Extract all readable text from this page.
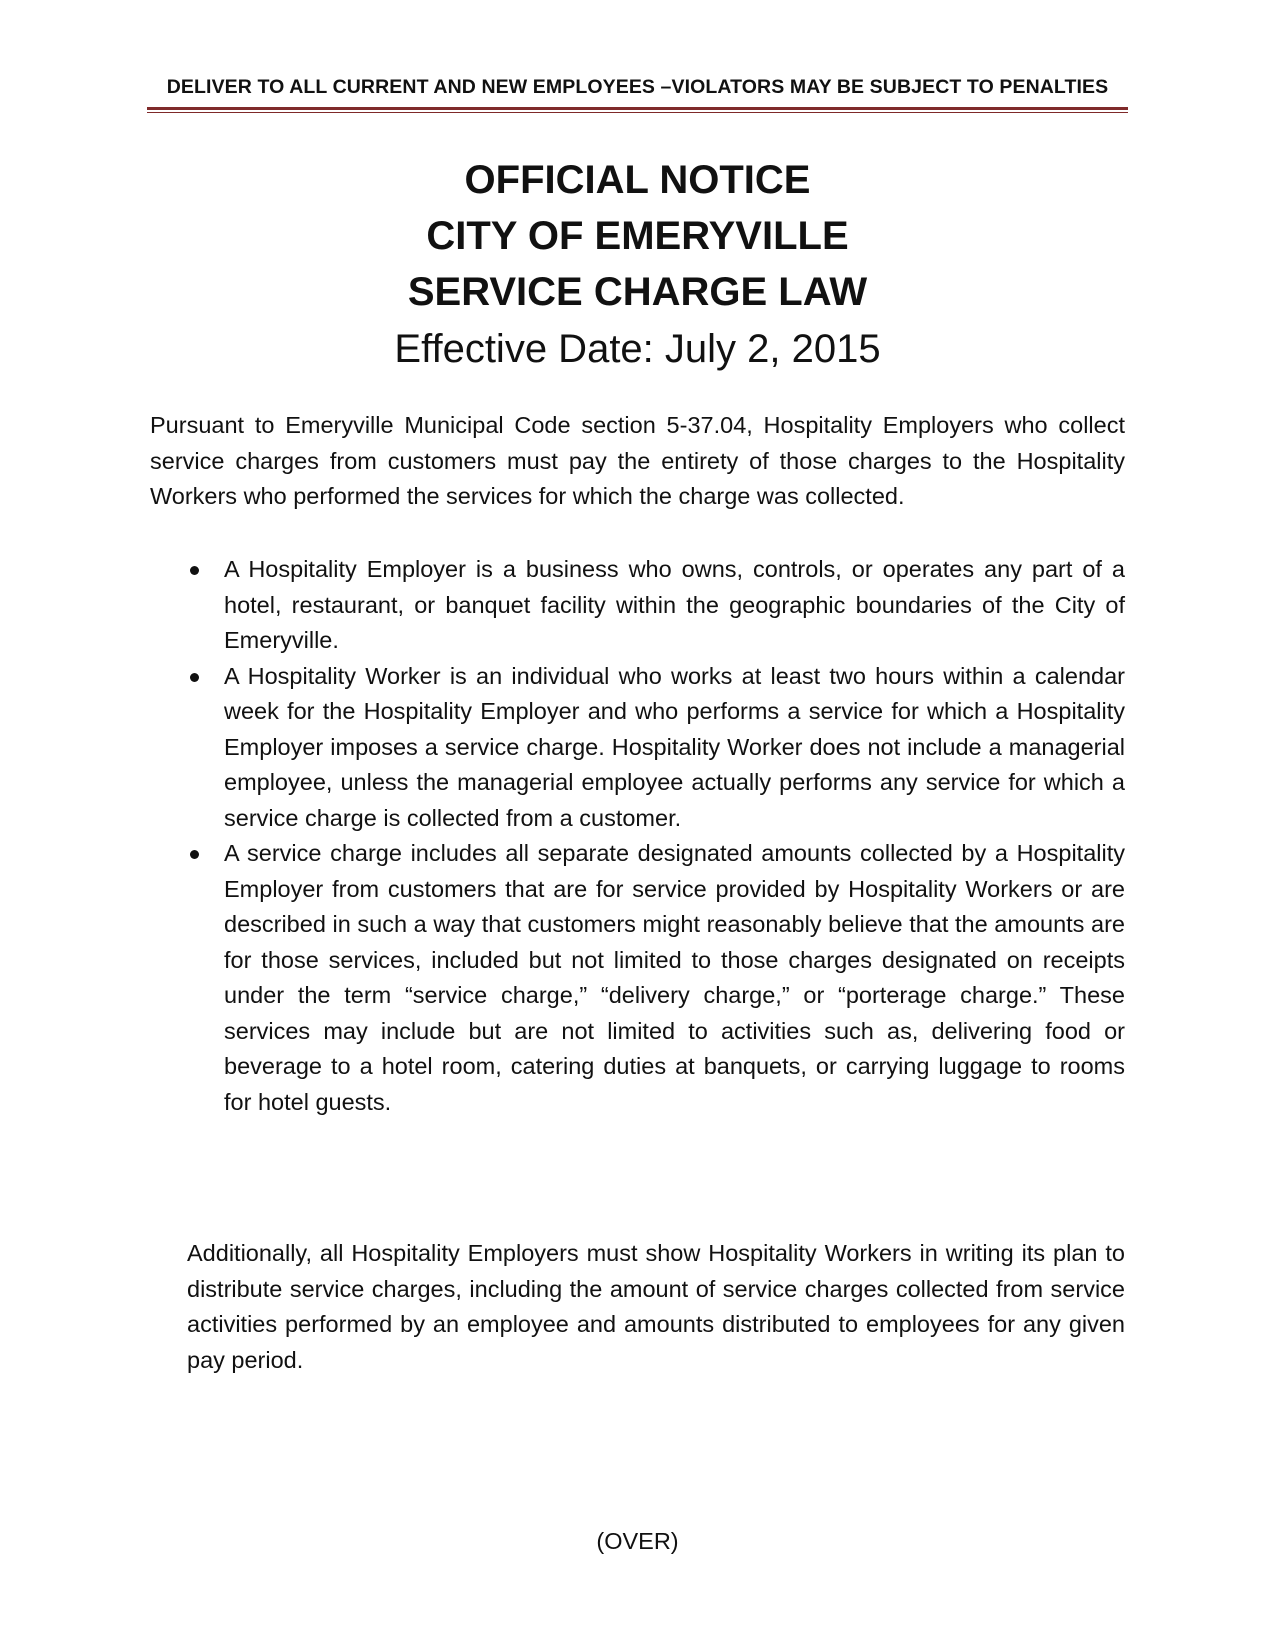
DELIVER TO ALL CURRENT AND NEW EMPLOYEES –VIOLATORS MAY BE SUBJECT TO PENALTIES
OFFICIAL NOTICE
CITY OF EMERYVILLE
SERVICE CHARGE LAW
Effective Date: July 2, 2015
Pursuant to Emeryville Municipal Code section 5-37.04, Hospitality Employers who collect service charges from customers must pay the entirety of those charges to the Hospitality Workers who performed the services for which the charge was collected.
A Hospitality Employer is a business who owns, controls, or operates any part of a hotel, restaurant, or banquet facility within the geographic boundaries of the City of Emeryville.
A Hospitality Worker is an individual who works at least two hours within a calendar week for the Hospitality Employer and who performs a service for which a Hospitality Employer imposes a service charge. Hospitality Worker does not include a managerial employee, unless the managerial employee actually performs any service for which a service charge is collected from a customer.
A service charge includes all separate designated amounts collected by a Hospitality Employer from customers that are for service provided by Hospitality Workers or are described in such a way that customers might reasonably believe that the amounts are for those services, included but not limited to those charges designated on receipts under the term “service charge,” “delivery charge,” or “porterage charge.” These services may include but are not limited to activities such as, delivering food or beverage to a hotel room, catering duties at banquets, or carrying luggage to rooms for hotel guests.
Additionally, all Hospitality Employers must show Hospitality Workers in writing its plan to distribute service charges, including the amount of service charges collected from service activities performed by an employee and amounts distributed to employees for any given pay period.
(OVER)
